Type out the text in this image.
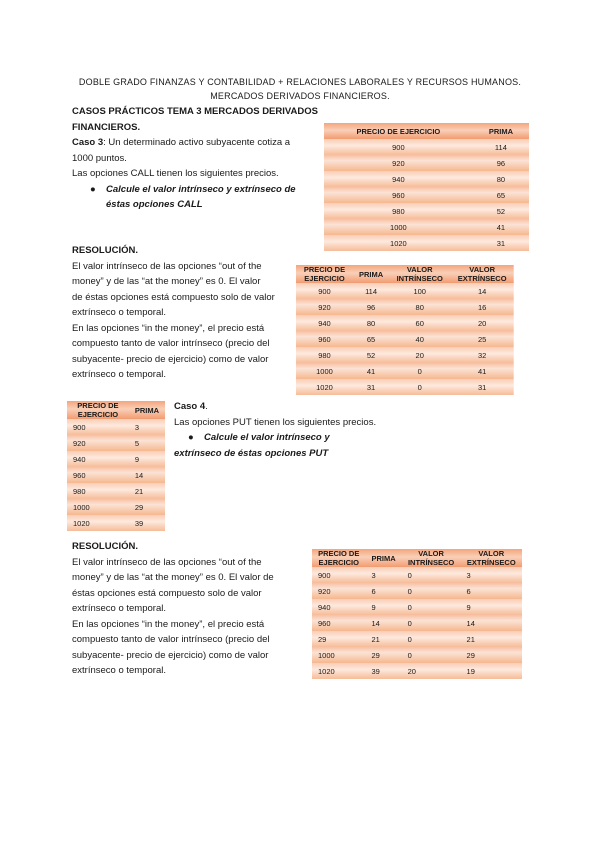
DOBLE GRADO FINANZAS Y CONTABILIDAD + RELACIONES LABORALES Y RECURSOS HUMANOS.
MERCADOS DERIVADOS FINANCIEROS.
CASOS PRÁCTICOS TEMA 3 MERCADOS DERIVADOS
FINANCIEROS.
Caso 3: Un determinado activo subyacente cotiza a
1000 puntos.
Las opciones CALL tienen los siguientes precios.
● Calcule el valor intrínseco y extrínseco de
éstas opciones CALL
PRECIO DE EJERCICIO	PRIMA
900	114
920	96
940	80
960	65
980	52
1000	41
1020	31
RESOLUCIÓN.
El valor intrínseco de las opciones “out of the
money” y de las “at the money” es 0. El valor
de éstas opciones está compuesto solo de valor
extrínseco o temporal.
En las opciones “in the money”, el precio está
compuesto tanto de valor intrínseco (precio del
subyacente- precio de ejercicio) como de valor
extrínseco o temporal.
PRECIO DE EJERCICIO	PRIMA	VALOR INTRÍNSECO	VALOR EXTRÍNSECO
900	114	100	14
920	96	80	16
940	80	60	20
960	65	40	25
980	52	20	32
1000	41	0	41
1020	31	0	31
PRECIO DE EJERCICIO	PRIMA
900	3
920	5
940	9
960	14
980	21
1000	29
1020	39
Caso 4.
Las opciones PUT tienen los siguientes precios.
● Calcule el valor intrínseco y
extrínseco de éstas opciones PUT
RESOLUCIÓN.
El valor intrínseco de las opciones “out of the
money” y de las “at the money” es 0. El valor de
éstas opciones está compuesto solo de valor
extrínseco o temporal.
En las opciones “in the money”, el precio está
compuesto tanto de valor intrínseco (precio del
subyacente- precio de ejercicio) como de valor
extrínseco o temporal.
PRECIO DE EJERCICIO	PRIMA	VALOR INTRÍNSECO	VALOR EXTRÍNSECO
900	3	0	3
920	6	0	6
940	9	0	9
960	14	0	14
29	21	0	21
1000	29	0	29
1020	39	20	19
